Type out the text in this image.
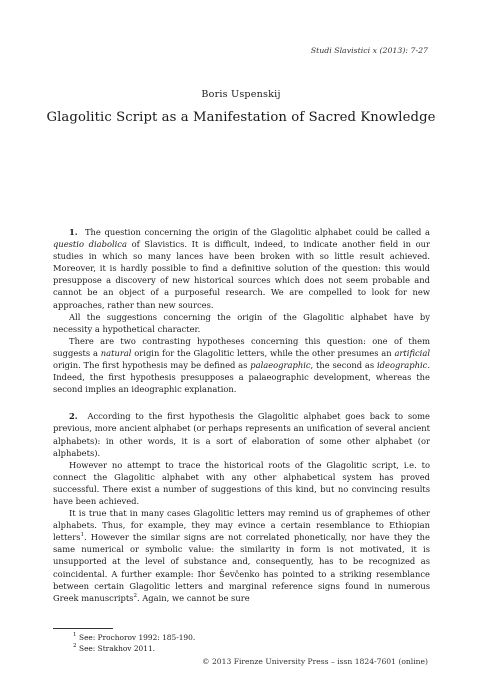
Studi Slavistici x (2013): 7-27
Boris Uspenskij
Glagolitic Script as a Manifestation of Sacred Knowledge

1. The question concerning the origin of the Glagolitic alphabet could be called a questio diabolica of Slavistics. It is difficult, indeed, to indicate another field in our studies in which so many lances have been broken with so little result achieved. Moreover, it is hardly possible to find a definitive solution of the question: this would presuppose a discovery of new historical sources which does not seem probable and cannot be an object of a purposeful research. We are compelled to look for new approaches, rather than new sources.

All the suggestions concerning the origin of the Glagolitic alphabet have by necessity a hypothetical character.

There are two contrasting hypotheses concerning this question: one of them suggests a natural origin for the Glagolitic letters, while the other presumes an artificial origin. The first hypothesis may be defined as palaeographic, the second as ideographic. Indeed, the first hypothesis presupposes a palaeographic development, whereas the second implies an ideographic explanation.

2. According to the first hypothesis the Glagolitic alphabet goes back to some previous, more ancient alphabet (or perhaps represents an unification of several ancient alphabets): in other words, it is a sort of elaboration of some other alphabet (or alphabets).

However no attempt to trace the historical roots of the Glagolitic script, i.e. to connect the Glagolitic alphabet with any other alphabetical system has proved successful. There exist a number of suggestions of this kind, but no convincing results have been achieved.

It is true that in many cases Glagolitic letters may remind us of graphemes of other alphabets. Thus, for example, they may evince a certain resemblance to Ethiopian letters$^1$. However the similar signs are not correlated phonetically, nor have they the same numerical or symbolic value: the similarity in form is not motivated, it is unsupported at the level of substance and, consequently, has to be recognized as coincidental. A further example: Ihor Ševčenko has pointed to a striking resemblance between certain Glagolitic letters and marginal reference signs found in numerous Greek manuscripts$^2$. Again, we cannot be sure

1 See: Prochorov 1992: 185-190.
2 See: Strakhov 2011.
© 2013 Firenze University Press – issn 1824-7601 (online)
